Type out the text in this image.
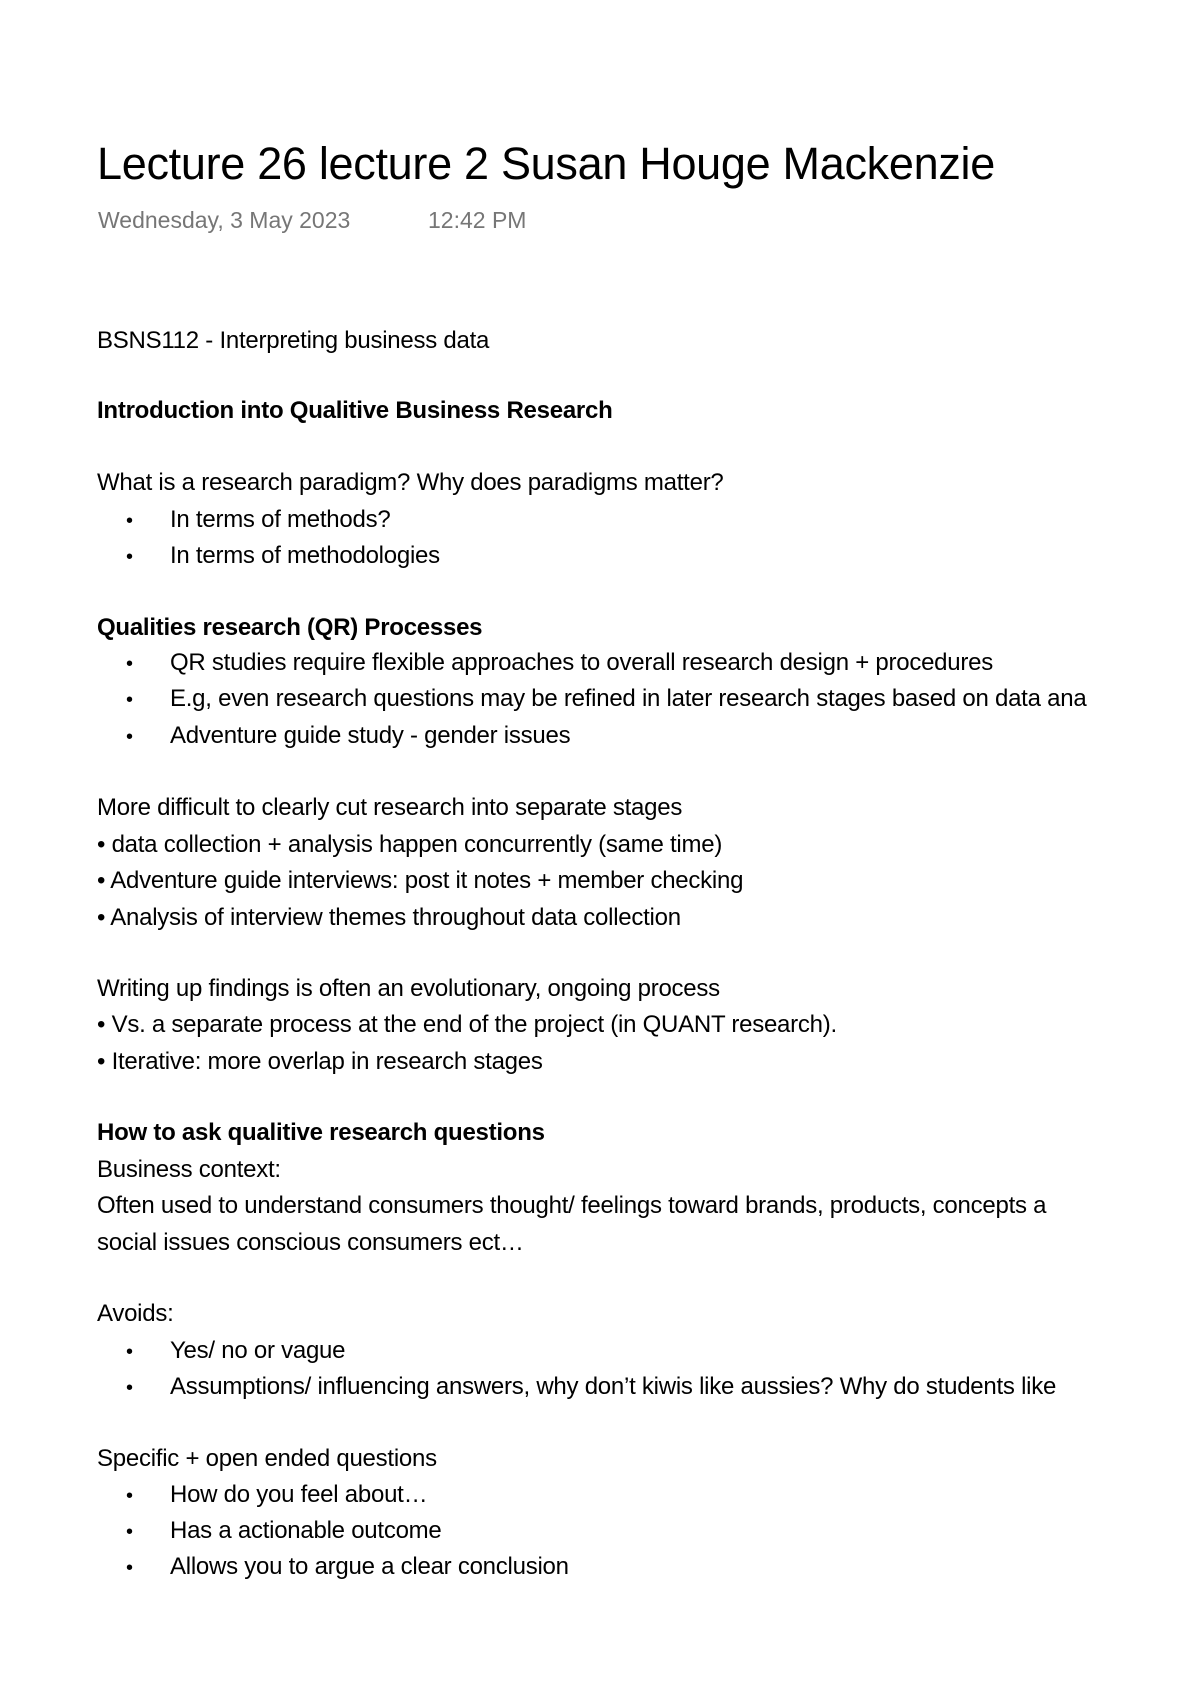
Lecture 26 lecture 2 Susan Houge Mackenzie
Wednesday, 3 May 2023	12:42 PM
BSNS112 - Interpreting business data
Introduction into Qualitive Business Research
What is a research paradigm? Why does paradigms matter?
• In terms of methods?
• In terms of methodologies
Qualities research (QR) Processes
• QR studies require flexible approaches to overall research design + procedures
• E.g, even research questions may be refined in later research stages based on data ana
• Adventure guide study - gender issues
More difficult to clearly cut research into separate stages
• data collection + analysis happen concurrently (same time)
• Adventure guide interviews: post it notes + member checking
• Analysis of interview themes throughout data collection
Writing up findings is often an evolutionary, ongoing process
• Vs. a separate process at the end of the project (in QUANT research).
• Iterative: more overlap in research stages
How to ask qualitive research questions
Business context:
Often used to understand consumers thought/ feelings toward brands, products, concepts a
social issues conscious consumers ect…
Avoids:
• Yes/ no or vague
• Assumptions/ influencing answers, why don’t kiwis like aussies? Why do students like
Specific + open ended questions
• How do you feel about…
• Has a actionable outcome
• Allows you to argue a clear conclusion
